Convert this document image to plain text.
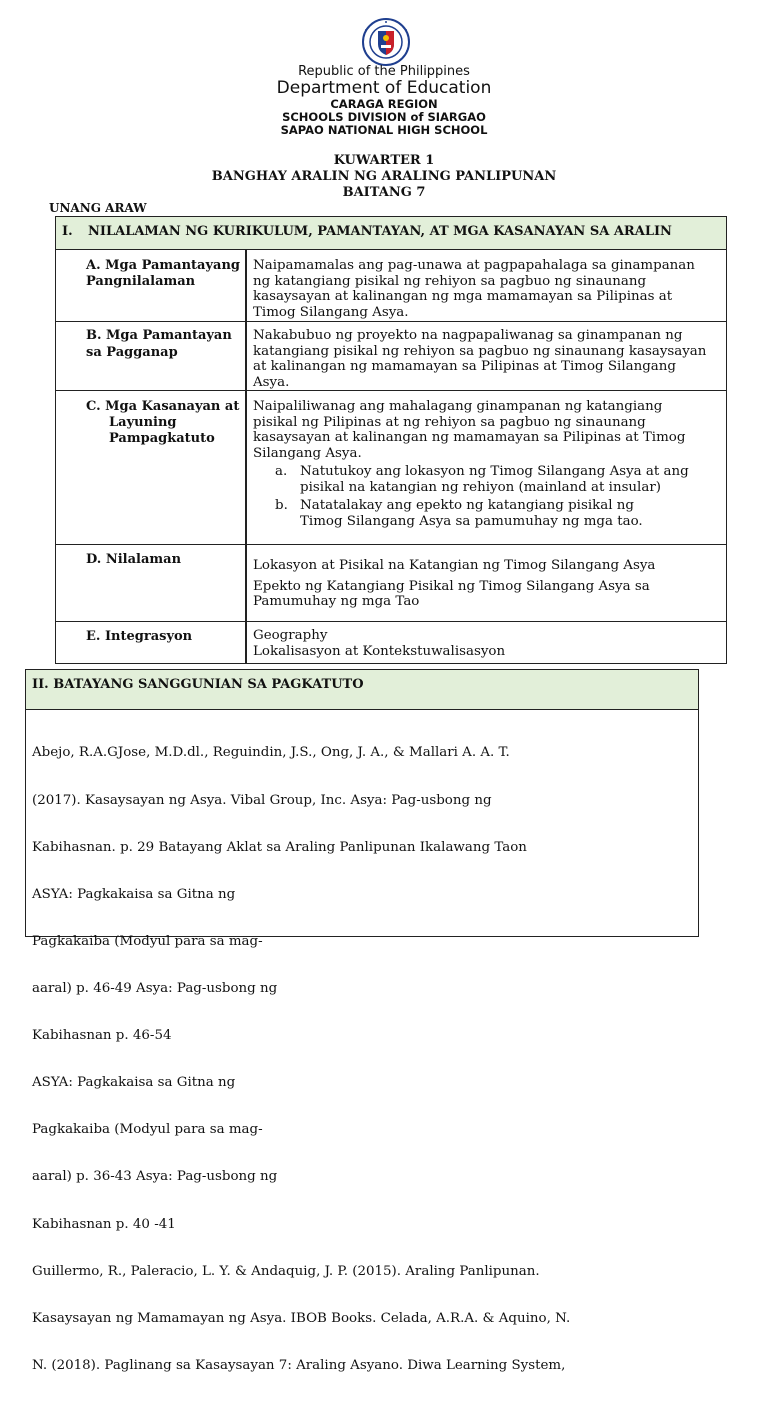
Republic of the Philippines
Department of Education
CARAGA REGION
SCHOOLS DIVISION of SIARGAO
SAPAO NATIONAL HIGH SCHOOL
KUWARTER 1
BANGHAY ARALIN NG ARALING PANLIPUNAN
BAITANG 7
UNANG ARAW
I. NILALAMAN NG KURIKULUM, PAMANTAYAN, AT MGA KASANAYAN SA ARALIN
A. Mga Pamantayang
Pangnilalaman
Naipamamalas ang pag-unawa at pagpapahalaga sa ginampanan
ng katangiang pisikal ng rehiyon sa pagbuo ng sinaunang
kasaysayan at kalinangan ng mga mamamayan sa Pilipinas at
Timog Silangang Asya.
B. Mga Pamantayan
sa Pagganap
Nakabubuo ng proyekto na nagpapaliwanag sa ginampanan ng
katangiang pisikal ng rehiyon sa pagbuo ng sinaunang kasaysayan
at kalinangan ng mamamayan sa Pilipinas at Timog Silangang
Asya.
C. Mga Kasanayan at
Layuning
Pampagkatuto
Naipaliliwanag ang mahalagang ginampanan ng katangiang
pisikal ng Pilipinas at ng rehiyon sa pagbuo ng sinaunang
kasaysayan at kalinangan ng mamamayan sa Pilipinas at Timog
Silangang Asya.
a. Natutukoy ang lokasyon ng Timog Silangang Asya at ang
pisikal na katangian ng rehiyon (mainland at insular)
b. Natatalakay ang epekto ng katangiang pisikal ng
Timog Silangang Asya sa pamumuhay ng mga tao.
D. Nilalaman	Lokasyon at Pisikal na Katangian ng Timog Silangang Asya
Epekto ng Katangiang Pisikal ng Timog Silangang Asya sa
Pamumuhay ng mga Tao
E. Integrasyon	Geography
Lokalisasyon at Kontekstuwalisasyon
II. BATAYANG SANGGUNIAN SA PAGKATUTO

Abejo, R.A.GJose, M.D.dl., Reguindin, J.S., Ong, J. A., & Mallari A. A. T.

(2017). Kasaysayan ng Asya. Vibal Group, Inc. Asya: Pag-usbong ng

Kabihasnan. p. 29 Batayang Aklat sa Araling Panlipunan Ikalawang Taon

ASYA: Pagkakaisa sa Gitna ng

Pagkakaiba (Modyul para sa mag-

aaral) p. 46-49 Asya: Pag-usbong ng

Kabihasnan p. 46-54

ASYA: Pagkakaisa sa Gitna ng

Pagkakaiba (Modyul para sa mag-

aaral) p. 36-43 Asya: Pag-usbong ng

Kabihasnan p. 40 -41

Guillermo, R., Paleracio, L. Y. & Andaquig, J. P. (2015). Araling Panlipunan.

Kasaysayan ng Mamamayan ng Asya. IBOB Books. Celada, A.R.A. & Aquino, N.

N. (2018). Paglinang sa Kasaysayan 7: Araling Asyano. Diwa Learning System,
